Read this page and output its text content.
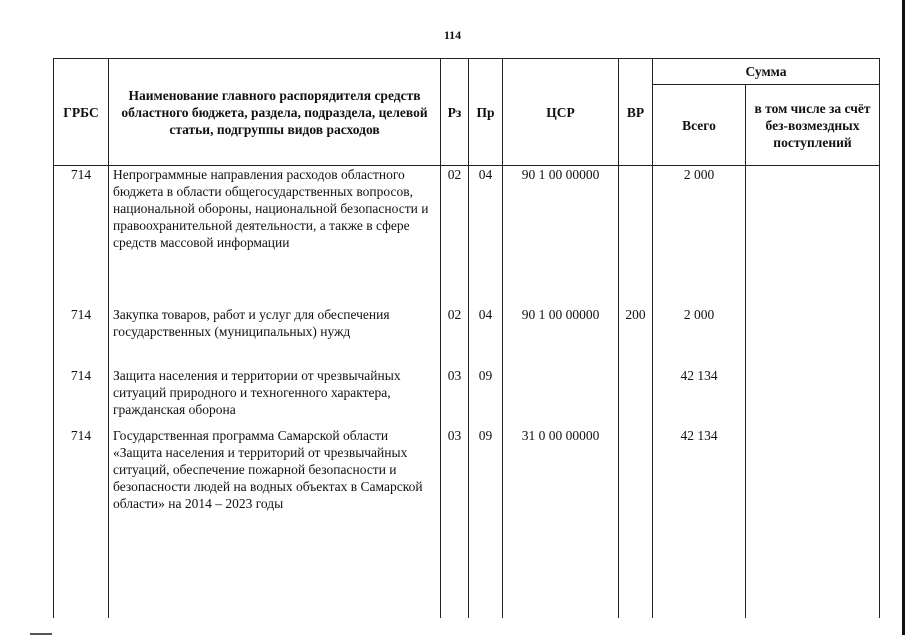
114
ГРБС	Наименование главного распорядителя средств областного бюджета, раздела, подраздела, целевой статьи, подгруппы видов расходов	Рз	Пр	ЦСР	ВР	Сумма	
						Всего	в том числе за счёт без-возмездных поступлений
714	Непрограммные направления расходов областного бюджета в области общегосударственных вопросов, национальной обороны, национальной безопасности и правоохранительной деятельности, а также в сфере средств массовой информации	02	04	90 1 00 00000		2 000	
714	Закупка товаров, работ и услуг для обеспечения государственных (муниципальных) нужд	02	04	90 1 00 00000	200	2 000	
714	Защита населения и территории от чрезвычайных ситуаций природного и техногенного характера, гражданская оборона	03	09			42 134	
714	Государственная программа Самарской области «Защита населения и территорий от чрезвычайных ситуаций, обеспечение пожарной безопасности и безопасности людей на водных объектах в Самарской области» на 2014 – 2023 годы	03	09	31 0 00 00000		42 134	
